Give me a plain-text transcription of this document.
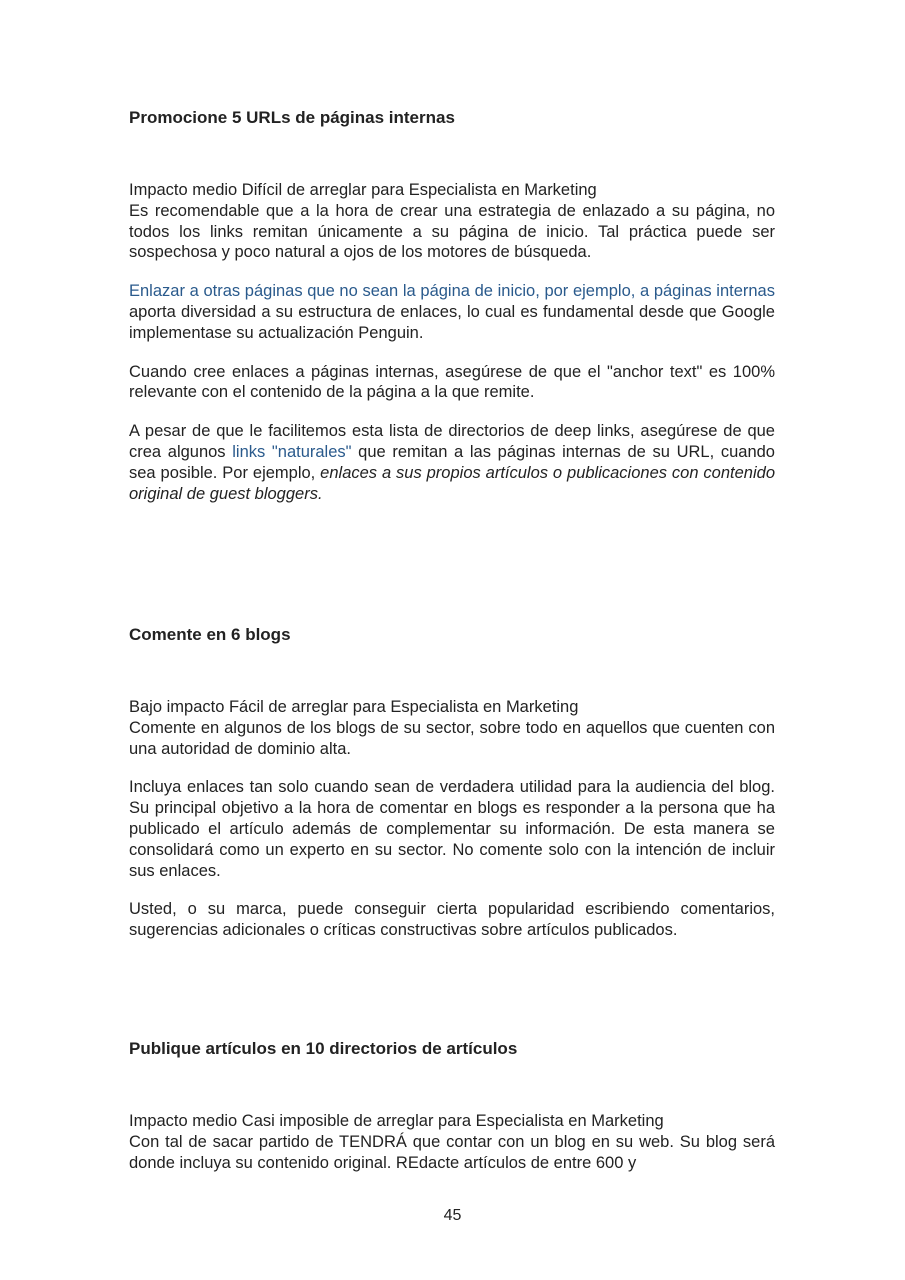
Promocione 5 URLs de páginas internas

Impacto medio Difícil de arreglar para Especialista en Marketing
Es recomendable que a la hora de crear una estrategia de enlazado a su página, no todos los links remitan únicamente a su página de inicio. Tal práctica puede ser sospechosa y poco natural a ojos de los motores de búsqueda.

Enlazar a otras páginas que no sean la página de inicio, por ejemplo, a páginas internas aporta diversidad a su estructura de enlaces, lo cual es fundamental desde que Google implementase su actualización Penguin.

Cuando cree enlaces a páginas internas, asegúrese de que el "anchor text" es 100% relevante con el contenido de la página a la que remite.

A pesar de que le facilitemos esta lista de directorios de deep links, asegúrese de que crea algunos links "naturales" que remitan a las páginas internas de su URL, cuando sea posible. Por ejemplo, enlaces a sus propios artículos o publicaciones con contenido original de guest bloggers.

Comente en 6 blogs

Bajo impacto Fácil de arreglar para Especialista en Marketing
Comente en algunos de los blogs de su sector, sobre todo en aquellos que cuenten con una autoridad de dominio alta.

Incluya enlaces tan solo cuando sean de verdadera utilidad para la audiencia del blog. Su principal objetivo a la hora de comentar en blogs es responder a la persona que ha publicado el artículo además de complementar su información. De esta manera se consolidará como un experto en su sector. No comente solo con la intención de incluir sus enlaces.

Usted, o su marca, puede conseguir cierta popularidad escribiendo comentarios, sugerencias adicionales o críticas constructivas sobre artículos publicados.

Publique artículos en 10 directorios de artículos

Impacto medio Casi imposible de arreglar para Especialista en Marketing
Con tal de sacar partido de TENDRÁ que contar con un blog en su web. Su blog será donde incluya su contenido original. REdacte artículos de entre 600 y

45
